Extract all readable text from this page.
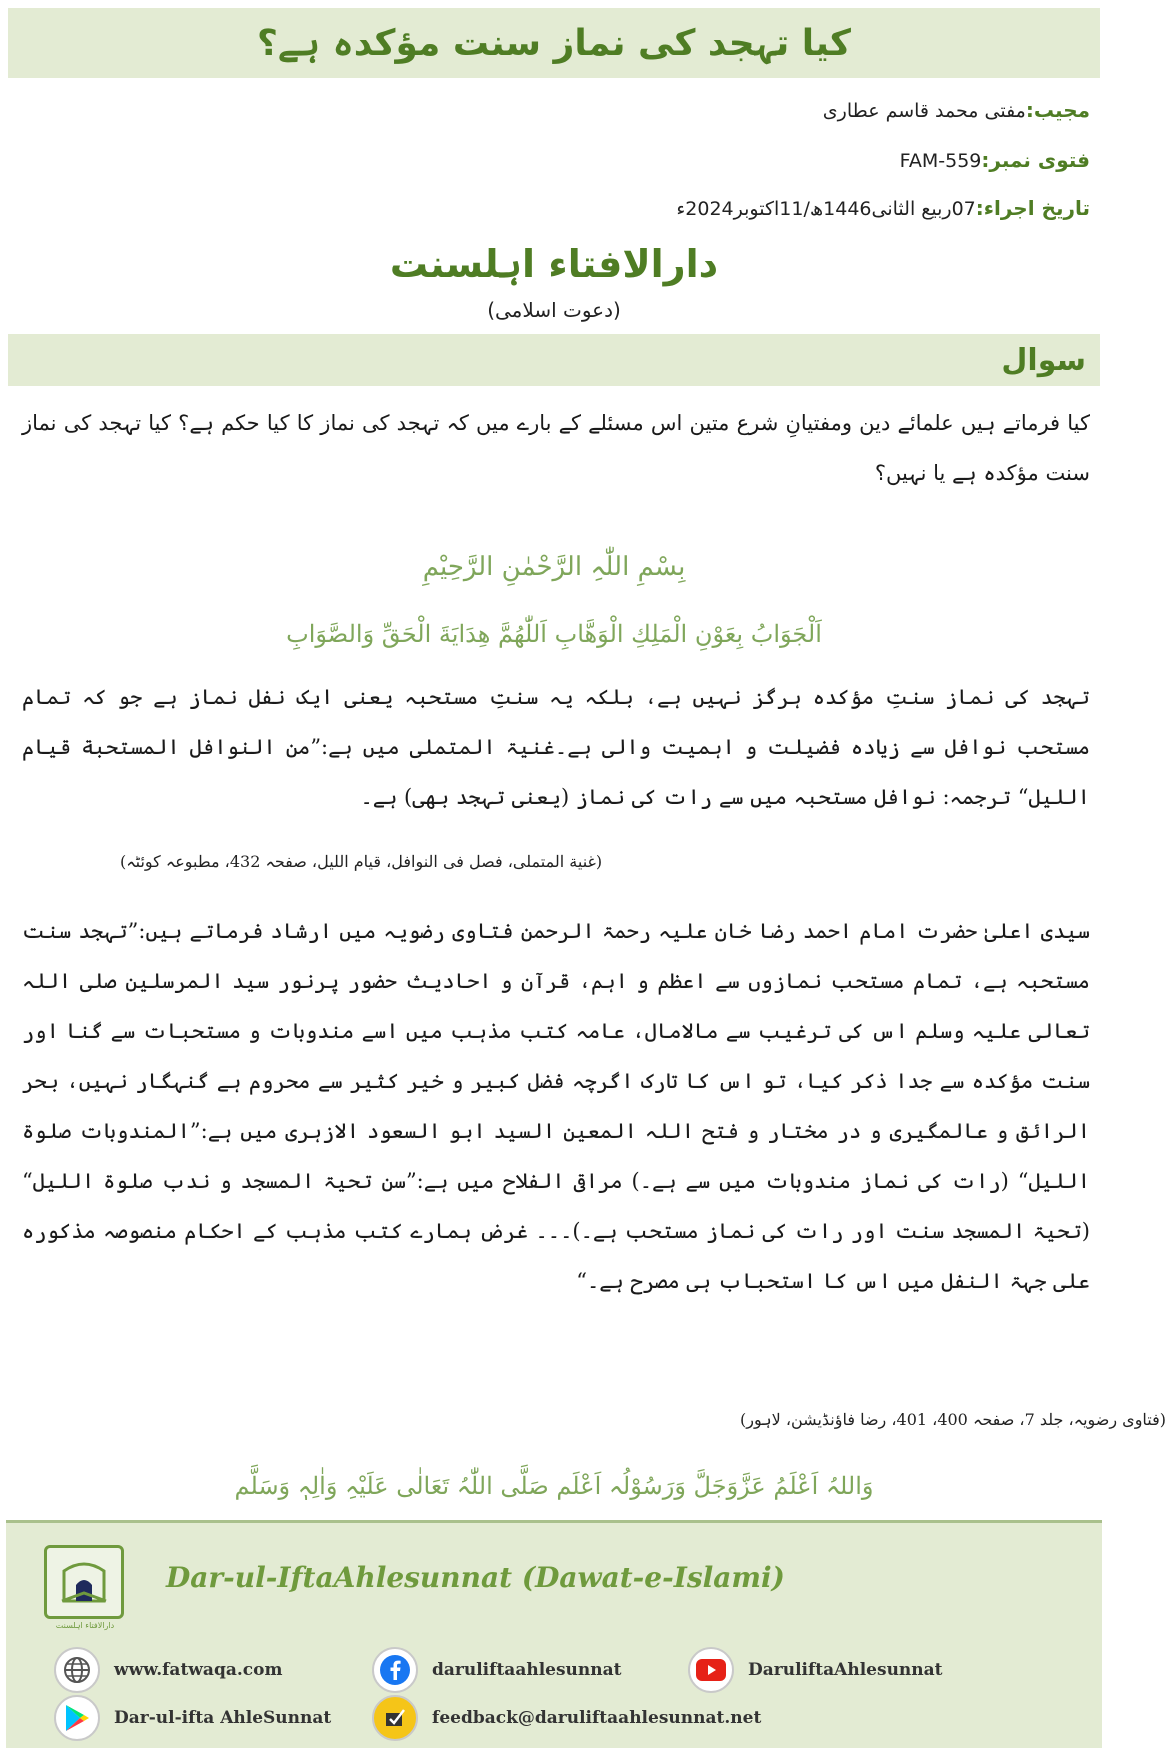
کیا تہجد کی نماز سنت مؤکدہ ہے؟
مجیب:مفتی محمد قاسم عطاری
فتوی نمبر:FAM-559
تاریخ اجراء:07ربیع الثانی1446ھ/11اکتوبر2024ء
دارالافتاء اہلسنت
(دعوت اسلامی)
سوال
کیا فرماتے ہیں علمائے دین ومفتیانِ شرع متین اس مسئلے کے بارے میں کہ تہجد کی نماز کا کیا حکم ہے؟ کیا تہجد کی نماز سنت مؤکدہ ہے یا نہیں؟
بِسْمِ اللّٰہِ الرَّحْمٰنِ الرَّحِیْمِ
اَلْجَوَابُ بِعَوْنِ الْمَلِكِ الْوَهَّابِ اَللّٰهُمَّ هِدَايَةَ الْحَقِّ وَالصَّوَابِ
تہجد کی نماز سنتِ مؤکدہ ہرگز نہیں ہے، بلکہ یہ سنتِ مستحبہ یعنی ایک نفل نماز ہے جو کہ تمام مستحب نوافل سے زیادہ فضیلت و اہمیت والی ہے۔غنیۃ المتملی میں ہے:”من النوافل المستحبة قیام اللیل“ ترجمہ: نوافل مستحبہ میں سے رات کی نماز (یعنی تہجد بھی) ہے۔
(غنية المتملی، فصل فی النوافل، قیام اللیل، صفحہ 432، مطبوعہ کوئٹہ)
سیدی اعلیٰ حضرت امام احمد رضا خان علیہ رحمۃ الرحمن فتاوی رضویہ میں ارشاد فرماتے ہیں:”تہجد سنت مستحبہ ہے، تمام مستحب نمازوں سے اعظم و اہم، قرآن و احادیث حضور پرنور سید المرسلین صلی اللہ تعالی علیہ وسلم اس کی ترغیب سے مالامال، عامہ کتب مذہب میں اسے مندوبات و مستحبات سے گنا اور سنت مؤکدہ سے جدا ذکر کیا، تو اس کا تارک اگرچہ فضل کبیر و خیر کثیر سے محروم ہے گنہگار نہیں، بحر الرائق و عالمگیری و در مختار و فتح اللہ المعین السید ابو السعود الازہری میں ہے:”المندوبات صلوۃ اللیل“ (رات کی نماز مندوبات میں سے ہے۔) مراقی الفلاح میں ہے:”سن تحیۃ المسجد و ندب صلوۃ اللیل“ (تحیۃ المسجد سنت اور رات کی نماز مستحب ہے۔)۔۔۔ غرض ہمارے کتب مذہب کے احکام منصوصہ مذکورہ علی جہۃ النفل میں اس کا استحباب ہی مصرح ہے۔“
(فتاوی رضویہ، جلد 7، صفحہ 400، 401، رضا فاؤنڈیشن، لاہور)
وَاللہُ اَعْلَمُ عَزَّوَجَلَّ وَرَسُوْلُہ اَعْلَم صَلَّی اللّٰہُ تَعَالٰی عَلَیْہِ وَاٰلِہٖ وَسَلَّم
دارالافتاء اہلسنت
Dar-ul-IftaAhlesunnat (Dawat-e-Islami)
www.fatwaqa.com	daruliftaahlesunnat	DaruliftaAhlesunnat
Dar-ul-ifta AhleSunnat	feedback@daruliftaahlesunnat.net
